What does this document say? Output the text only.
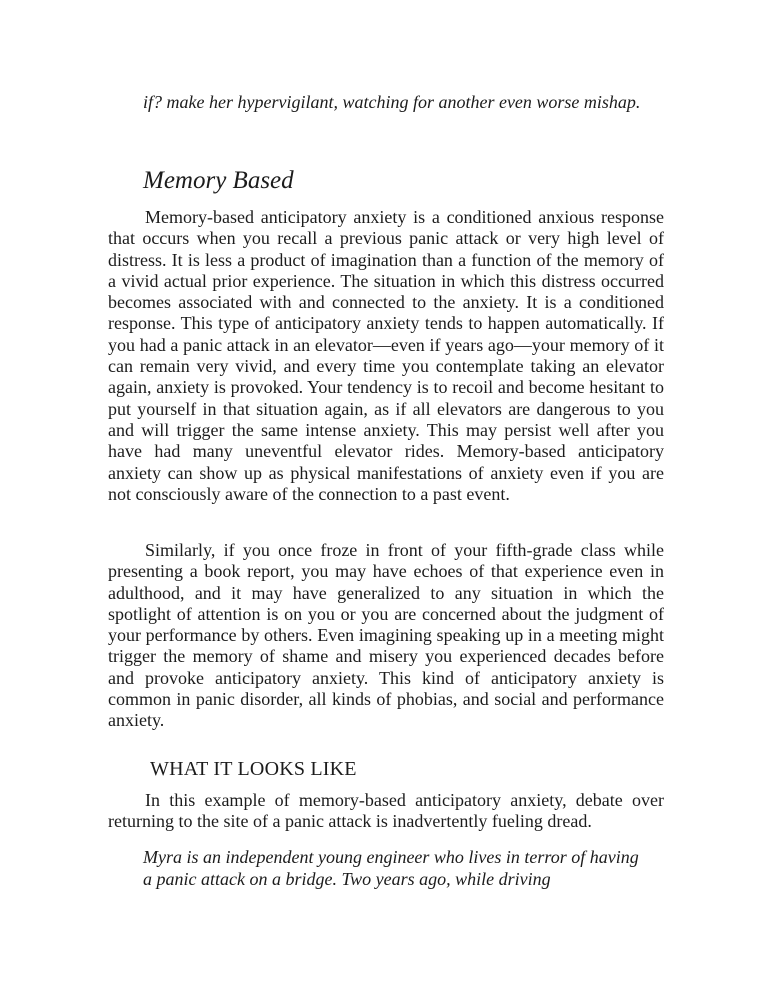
if? make her hypervigilant, watching for another even worse mishap.
Memory Based

Memory-based anticipatory anxiety is a conditioned anxious response that occurs when you recall a previous panic attack or very high level of distress. It is less a product of imagination than a function of the memory of a vivid actual prior experience. The situation in which this distress occurred becomes associated with and connected to the anxiety. It is a conditioned response. This type of anticipatory anxiety tends to happen automatically. If you had a panic attack in an elevator—even if years ago—your memory of it can remain very vivid, and every time you contemplate taking an elevator again, anxiety is provoked. Your tendency is to recoil and become hesitant to put yourself in that situation again, as if all elevators are dangerous to you and will trigger the same intense anxiety. This may persist well after you have had many uneventful elevator rides. Memory-based anticipatory anxiety can show up as physical manifestations of anxiety even if you are not consciously aware of the connection to a past event.

Similarly, if you once froze in front of your fifth-grade class while presenting a book report, you may have echoes of that experience even in adulthood, and it may have generalized to any situation in which the spotlight of attention is on you or you are concerned about the judgment of your performance by others. Even imagining speaking up in a meeting might trigger the memory of shame and misery you experienced decades before and provoke anticipatory anxiety. This kind of anticipatory anxiety is common in panic disorder, all kinds of phobias, and social and performance anxiety.

WHAT IT LOOKS LIKE

In this example of memory-based anticipatory anxiety, debate over returning to the site of a panic attack is inadvertently fueling dread.

Myra is an independent young engineer who lives in terror of having a panic attack on a bridge. Two years ago, while driving
